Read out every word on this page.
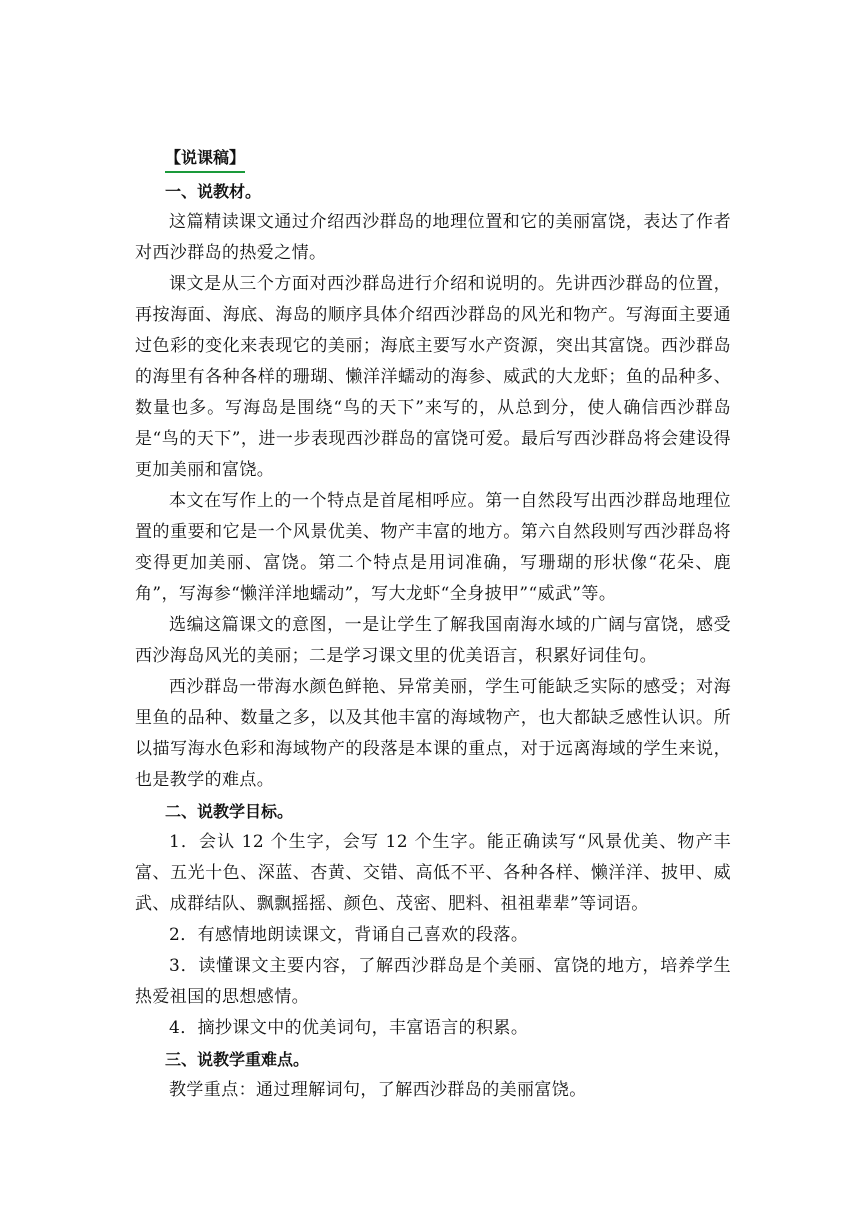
【说课稿】

一、说教材。

这篇精读课文通过介绍西沙群岛的地理位置和它的美丽富饶，表达了作者对西沙群岛的热爱之情。

课文是从三个方面对西沙群岛进行介绍和说明的。先讲西沙群岛的位置，再按海面、海底、海岛的顺序具体介绍西沙群岛的风光和物产。写海面主要通过色彩的变化来表现它的美丽；海底主要写水产资源，突出其富饶。西沙群岛的海里有各种各样的珊瑚、懒洋洋蠕动的海参、威武的大龙虾；鱼的品种多、数量也多。写海岛是围绕“鸟的天下”来写的，从总到分，使人确信西沙群岛是“鸟的天下”，进一步表现西沙群岛的富饶可爱。最后写西沙群岛将会建设得更加美丽和富饶。

本文在写作上的一个特点是首尾相呼应。第一自然段写出西沙群岛地理位置的重要和它是一个风景优美、物产丰富的地方。第六自然段则写西沙群岛将变得更加美丽、富饶。第二个特点是用词准确，写珊瑚的形状像“花朵、鹿角”，写海参“懒洋洋地蠕动”，写大龙虾“全身披甲”“威武”等。

选编这篇课文的意图，一是让学生了解我国南海水域的广阔与富饶，感受西沙海岛风光的美丽；二是学习课文里的优美语言，积累好词佳句。

西沙群岛一带海水颜色鲜艳、异常美丽，学生可能缺乏实际的感受；对海里鱼的品种、数量之多，以及其他丰富的海域物产，也大都缺乏感性认识。所以描写海水色彩和海域物产的段落是本课的重点，对于远离海域的学生来说，也是教学的难点。

二、说教学目标。

1．会认 12 个生字，会写 12 个生字。能正确读写“风景优美、物产丰富、五光十色、深蓝、杏黄、交错、高低不平、各种各样、懒洋洋、披甲、威武、成群结队、飘飘摇摇、颜色、茂密、肥料、祖祖辈辈”等词语。

2．有感情地朗读课文，背诵自己喜欢的段落。

3．读懂课文主要内容，了解西沙群岛是个美丽、富饶的地方，培养学生热爱祖国的思想感情。

4．摘抄课文中的优美词句，丰富语言的积累。

三、说教学重难点。

教学重点：通过理解词句，了解西沙群岛的美丽富饶。
